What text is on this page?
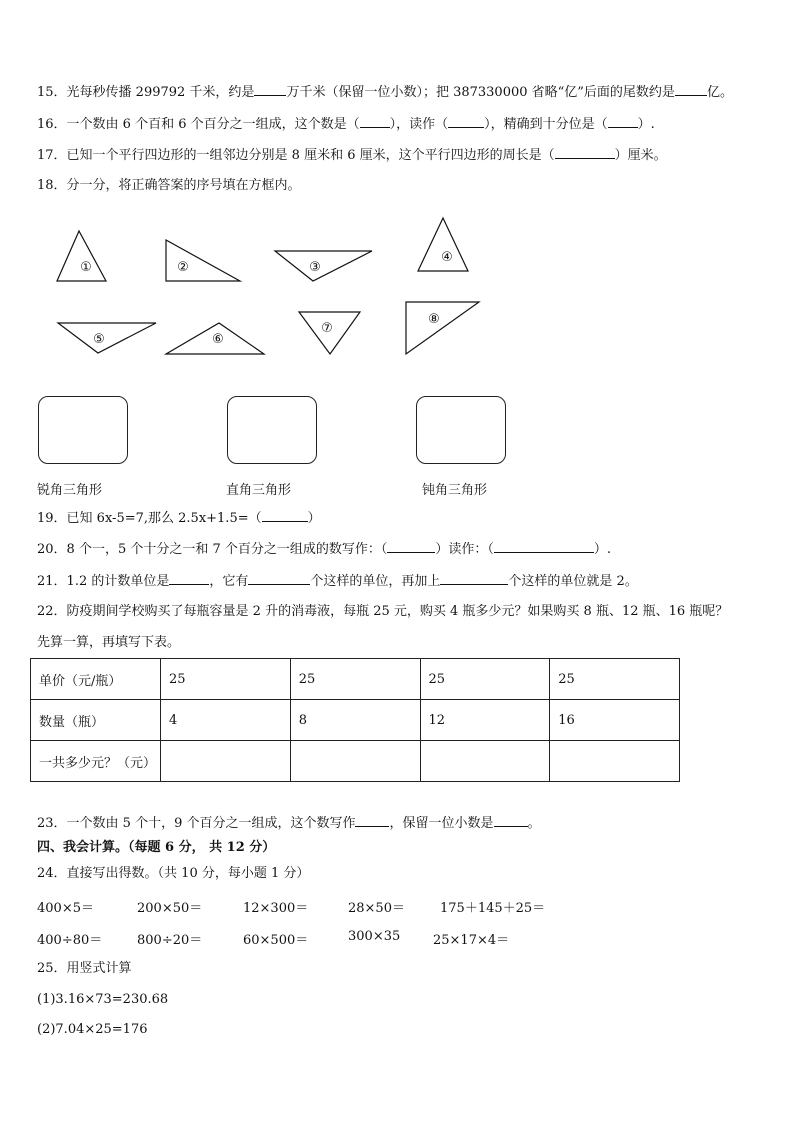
15．光每秒传播 299792 千米，约是 万千米（保留一位小数）；把 387330000 省略“亿”后面的尾数约是 亿。
16．一个数由 6 个百和 6 个百分之一组成，这个数是（ ），读作（	），精确到十分位是（ ）.
17．已知一个平行四边形的一组邻边分别是 8 厘米和 6 厘米，这个平行四边形的周长是（	）厘米。
18．分一分，将正确答案的序号填在方框内。
①	②	③
④
⑤	⑥
⑦
⑧
锐角三角形	直角三角形	钝角三角形
19．已知 6x-5=7,那么 2.5x+1.5=（	）
20．8 个一，5 个十分之一和 7 个百分之一组成的数写作：（	）读作：（	）.
21．1.2 的计数单位是	，它有	个这样的单位，再加上	个这样的单位就是 2。
22．防疫期间学校购买了每瓶容量是 2 升的消毒液，每瓶 25 元，购买 4 瓶多少元？如果购买 8 瓶、12 瓶、16 瓶呢？
先算一算，再填写下表。
单价（元/瓶）	25	25	25	25
数量（瓶）	4	8	12	16
一共多少元？（元）				
23．一个数由 5 个十，9 个百分之一组成，这个数写作	，保留一位小数是	。
四、我会计算。（每题 6 分， 共 12 分）
24．直接写出得数。（共 10 分，每小题 1 分）
400×5＝	200×50＝	12×300＝	28×50＝	175＋145＋25＝
400÷80＝	800÷20＝	60×500＝	300×35	25×17×4＝
25．用竖式计算
(1)3.16×73=230.68
(2)7.04×25=176
